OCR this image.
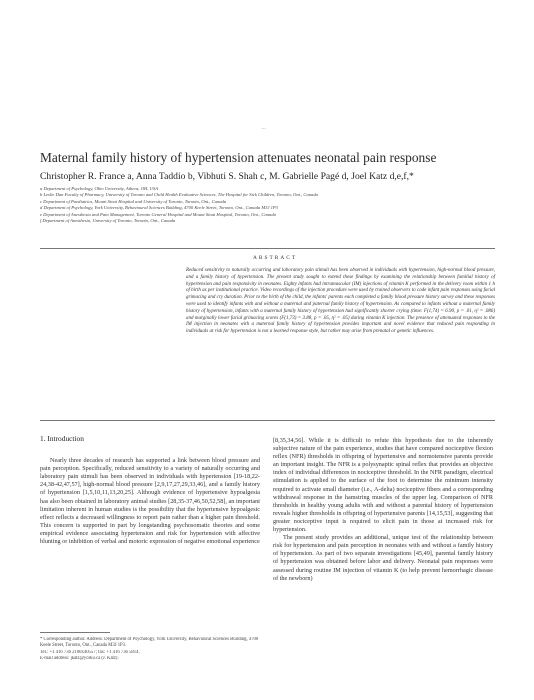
...
Maternal family history of hypertension attenuates neonatal pain response
Christopher R. France a, Anna Taddio b, Vibhuti S. Shah c, M. Gabrielle Pagé d, Joel Katz d,e,f,*
a Department of Psychology, Ohio University, Athens, OH, USA
b Leslie Dan Faculty of Pharmacy, University of Toronto and Child Health Evaluative Sciences, The Hospital for Sick Children, Toronto, Ont., Canada
c Department of Paediatrics, Mount Sinai Hospital and University of Toronto, Toronto, Ont., Canada
d Department of Psychology, York University, Behavioural Sciences Building, 4700 Keele Street, Toronto, Ont., Canada M3J 1P3
e Department of Anesthesia and Pain Management, Toronto General Hospital and Mount Sinai Hospital, Toronto, Ont., Canada
f Department of Anesthesia, University of Toronto, Toronto, Ont., Canada
ABSTRACT
Reduced sensitivity to naturally occurring and laboratory pain stimuli has been observed in individuals with hypertension, high-normal blood pressure, and a family history of hypertension. The present study sought to extend these findings by examining the relationship between familial history of hypertension and pain responsivity in neonates. Eighty infants had intramuscular (IM) injections of vitamin K performed in the delivery room within 1 h of birth as per institutional practice. Video recordings of the injection procedure were used by trained observers to code infant pain responses using facial grimacing and cry duration. Prior to the birth of the child, the infants' parents each completed a family blood pressure history survey and these responses were used to identify infants with and without a maternal and paternal family history of hypertension. As compared to infants without a maternal family history of hypertension, infants with a maternal family history of hypertension had significantly shorter crying (time: F(1,74) = 6.90, p = .01, η² = .086) and marginally lower facial grimacing scores (F(1,73) = 3.88, p = .05, η² = .05) during vitamin K injection. The presence of attenuated responses to the IM injection in neonates with a maternal family history of hypertension provides important and novel evidence that reduced pain responding in individuals at risk for hypertension is not a learned response style, but rather may arise from prenatal or genetic influences.
1. Introduction

Nearly three decades of research has supported a link between blood pressure and pain perception. Specifically, reduced sensitivity to a variety of naturally occurring and laboratory pain stimuli has been observed in individuals with hypertension [19-18,22-24,38-42,47,57], high-normal blood pressure [2,9,17,27,29,33,46], and a family history of hypertension [1,5,10,11,13,20,25]. Although evidence of hypertensive hypoalgesia has also been obtained in laboratory animal studies [28,35-37,46,50,52,58], an important limitation inherent in human studies is the possibility that the hypertensive hypoalgesic effect reflects a decreased willingness to report pain rather than a higher pain threshold. This concern is supported in part by longstanding psychosomatic theories and some empirical evidence associating hypertension and risk for hypertension with affective blunting or inhibition of verbal and motoric expression of negative emotional experience

[8,35,34,56]. While it is difficult to refute this hypothesis due to the inherently subjective nature of the pain experience, studies that have compared nociceptive flexion reflex (NFR) thresholds in offspring of hypertensive and normotensive parents provide an important insight. The NFR is a polysynaptic spinal reflex that provides an objective index of individual differences in nociceptive threshold. In the NFR paradigm, electrical stimulation is applied to the surface of the foot to determine the minimum intensity required to activate small diameter (i.e., A-delta) nociceptive fibers and a corresponding withdrawal response in the hamstring muscles of the upper leg. Comparison of NFR thresholds in healthy young adults with and without a parental history of hypertension reveals higher thresholds in offspring of hypertensive parents [14,15,53], suggesting that greater nociceptive input is required to elicit pain in those at increased risk for hypertension.

The present study provides an additional, unique test of the relationship between risk for hypertension and pain perception in neonates with and without a family history of hypertension. As part of two separate investigations [45,49], parental family history of hypertension was obtained before labor and delivery. Neonatal pain responses were assessed during routine IM injection of vitamin K (to help prevent hemorrhagic disease of the newborn)

* Corresponding author. Address: Department of Psychology, York University, Behavioural Sciences Building, 4700 Keele Street, Toronto, Ont., Canada M3J 1P3.
Tel.: +1 416 736 2100x40557; fax: +1 416 736 5814.
E-mail address: jkatz@yorku.ca (J. Katz).
